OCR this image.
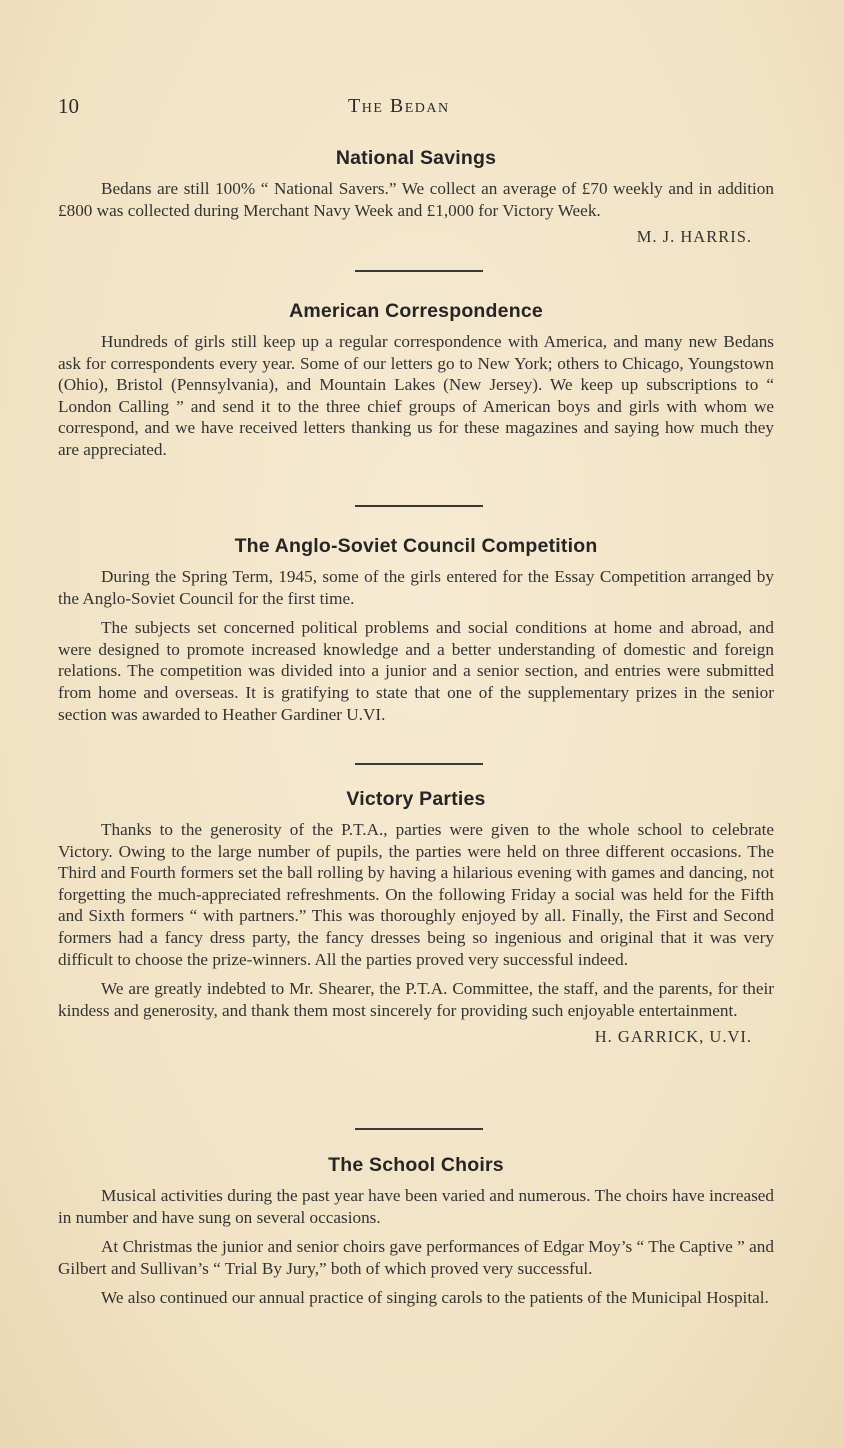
10	The Bedan
National Savings

Bedans are still 100% “ National Savers.” We collect an average of £70 weekly and in addition £800 was collected during Merchant Navy Week and £1,000 for Victory Week.

M. J. HARRIS.
American Correspondence

Hundreds of girls still keep up a regular correspondence with America, and many new Bedans ask for correspondents every year. Some of our letters go to New York; others to Chicago, Youngstown (Ohio), Bristol (Pennsylvania), and Mountain Lakes (New Jersey). We keep up subscriptions to “ London Calling ” and send it to the three chief groups of American boys and girls with whom we correspond, and we have received letters thanking us for these magazines and saying how much they are appreciated.

The Anglo-Soviet Council Competition

During the Spring Term, 1945, some of the girls entered for the Essay Competition arranged by the Anglo-Soviet Council for the first time.

The subjects set concerned political problems and social conditions at home and abroad, and were designed to promote increased knowledge and a better understanding of domestic and foreign relations. The competition was divided into a junior and a senior section, and entries were submitted from home and overseas. It is gratifying to state that one of the supplementary prizes in the senior section was awarded to Heather Gardiner U.VI.

Victory Parties

Thanks to the generosity of the P.T.A., parties were given to the whole school to celebrate Victory. Owing to the large number of pupils, the parties were held on three different occasions. The Third and Fourth formers set the ball rolling by having a hilarious evening with games and dancing, not forgetting the much-appreciated refreshments. On the following Friday a social was held for the Fifth and Sixth formers “ with partners.” This was thoroughly enjoyed by all. Finally, the First and Second formers had a fancy dress party, the fancy dresses being so ingenious and original that it was very difficult to choose the prize-winners. All the parties proved very successful indeed.

We are greatly indebted to Mr. Shearer, the P.T.A. Committee, the staff, and the parents, for their kindess and generosity, and thank them most sincerely for providing such enjoyable entertainment.

H. GARRICK, U.VI.
The School Choirs

Musical activities during the past year have been varied and numerous. The choirs have increased in number and have sung on several occasions.

At Christmas the junior and senior choirs gave performances of Edgar Moy’s “ The Captive ” and Gilbert and Sullivan’s “ Trial By Jury,” both of which proved very successful.

We also continued our annual practice of singing carols to the patients of the Municipal Hospital.
